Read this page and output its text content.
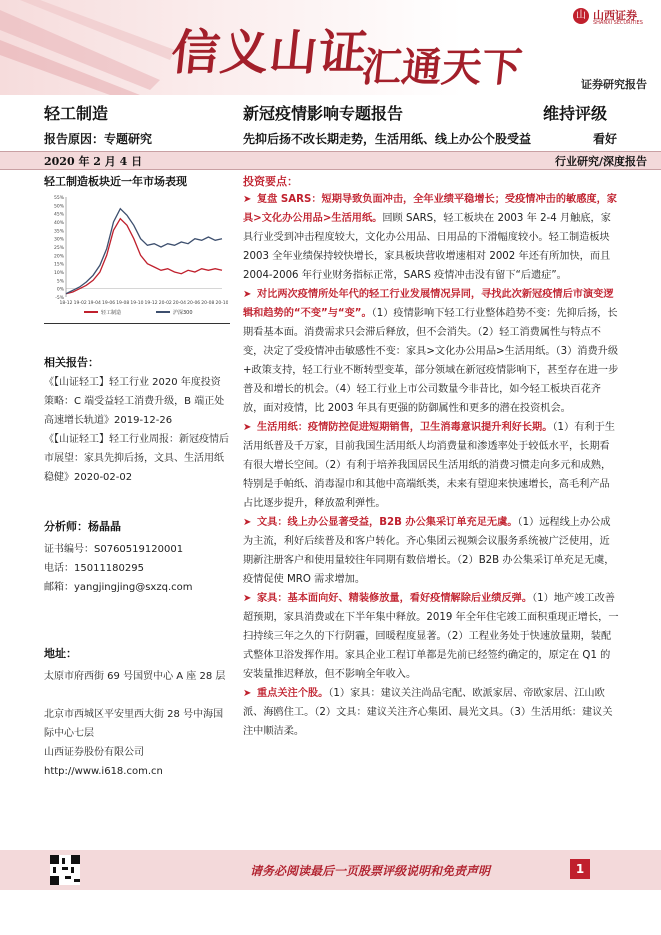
信义山证
汇通天下
山 山西证券
SHANXI SECURITIES
证券研究报告
轻工制造	新冠疫情影响专题报告	维持评级
报告原因：专题研究	先抑后扬不改长期走势，生活用纸、线上办公个股受益	看好
2020 年 2 月 4 日	行业研究/深度报告
轻工制造板块近一年市场表现
-5%
0%
5%
10%
15%
20%
25%
30%
35%
40%
45%
50%
55%
18-12 19-02 19-04 19-06 19-08 19-10 19-12 20-02 20-04 20-06 20-08 20-10
轻工制造	沪深300
相关报告：
《【山证轻工】轻工行业 2020 年度投资策略：C 端受益轻工消费升级，B 端正处高速增长轨道》2019-12-26
《【山证轻工】轻工行业周报：新冠疫情后市展望：家具先抑后扬，文具、生活用纸稳健》2020-02-02
分析师：杨晶晶
证书编号：S0760519120001
电话：15011180295
邮箱：yangjingjing@sxzq.com
地址：
太原市府西街 69 号国贸中心 A 座 28 层
北京市西城区平安里西大街 28 号中海国际中心七层
山西证券股份有限公司
http://www.i618.com.cn
投资要点：

➤ 复盘 SARS：短期导致负面冲击，全年业绩平稳增长；受疫情冲击的敏感度，家具>文化办公用品>生活用纸。回顾 SARS，轻工板块在 2003 年 2-4 月触底，家具行业受到冲击程度较大，文化办公用品、日用品的下滑幅度较小。轻工制造板块 2003 全年业绩保持较快增长，家具板块营收增速相对 2002 年还有所加快，而且 2004-2006 年行业财务指标正常，SARS 疫情冲击没有留下“后遗症”。

➤ 对比两次疫情所处年代的轻工行业发展情况异同，寻找此次新冠疫情后市演变逻辑和趋势的“不变”与“变”。（1）疫情影响下轻工行业整体趋势不变：先抑后扬，长期看基本面。消费需求只会滞后释放，但不会消失。（2）轻工消费属性与特点不变，决定了受疫情冲击敏感性不变：家具>文化办公用品>生活用纸。（3）消费升级+政策支持，轻工行业不断转型变革，部分领域在新冠疫情影响下，甚至存在进一步普及和增长的机会。（4）轻工行业上市公司数量今非昔比，如今轻工板块百花齐放，面对疫情，比 2003 年具有更强的防御属性和更多的潜在投资机会。

➤ 生活用纸：疫情防控促进短期销售，卫生消毒意识提升利好长期。（1）有利于生活用纸普及千万家，目前我国生活用纸人均消费量和渗透率处于较低水平，长期看有很大增长空间。（2）有利于培养我国居民生活用纸的消费习惯走向多元和成熟，特别是手帕纸、消毒湿巾和其他中高端纸类，未来有望迎来快速增长，高毛利产品占比逐步提升，释放盈利弹性。

➤ 文具：线上办公显著受益，B2B 办公集采订单充足无虞。（1）远程线上办公成为主流，利好后续普及和客户转化。齐心集团云视频会议服务系统被广泛使用，近期新注册客户和使用量较往年同期有数倍增长。（2）B2B 办公集采订单充足无虞，疫情促使 MRO 需求增加。

➤ 家具：基本面向好、精装修放量，看好疫情解除后业绩反弹。（1）地产竣工改善超预期，家具消费或在下半年集中释放。2019 年全年住宅竣工面积重现正增长，一扫持续三年之久的下行阴霾，回暖程度显著。（2）工程业务处于快速放量期，装配式整体卫浴发挥作用。家具企业工程订单都是先前已经签约确定的，原定在 Q1 的安装量推迟释放，但不影响全年收入。

➤ 重点关注个股。（1）家具：建议关注尚品宅配、欧派家居、帝欧家居、江山欧派、海鸥住工。（2）文具：建议关注齐心集团、晨光文具。（3）生活用纸：建议关注中顺洁柔。

请务必阅读最后一页股票评级说明和免责声明	1
